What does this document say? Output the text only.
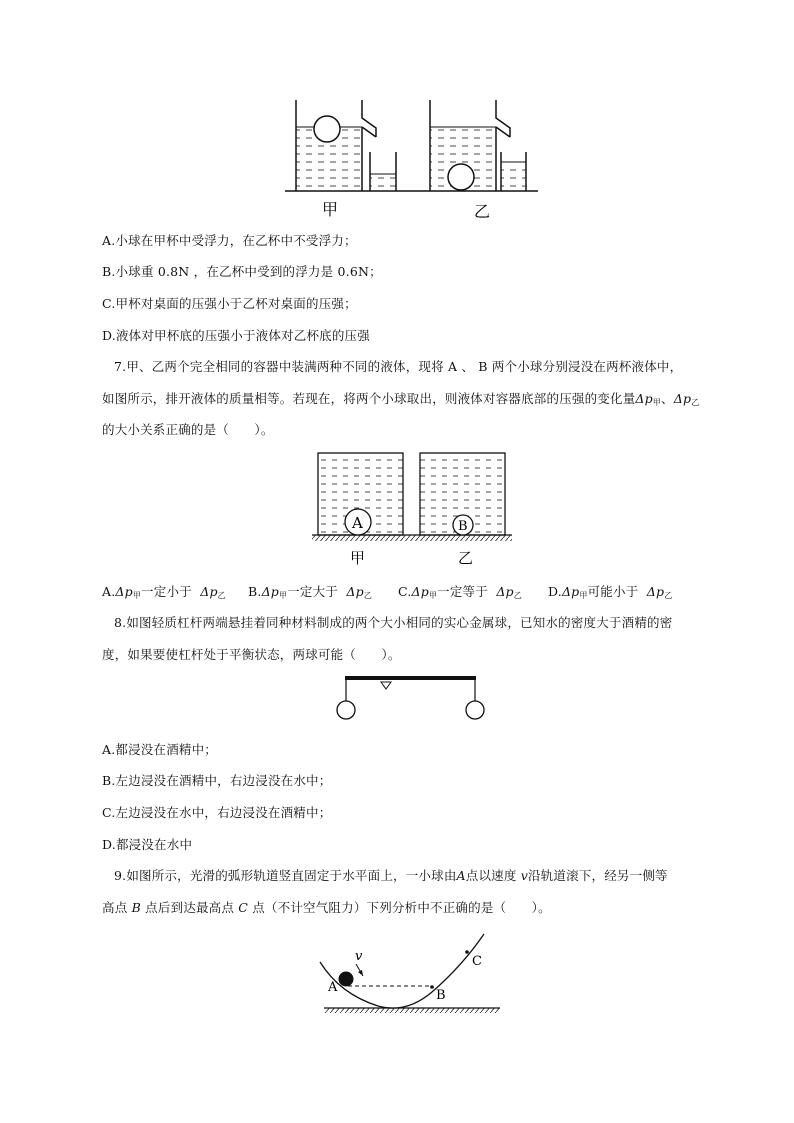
甲	乙
A.小球在甲杯中受浮力，在乙杯中不受浮力；
B.小球重 0.8N ，在乙杯中受到的浮力是 0.6N；
C.甲杯对桌面的压强小于乙杯对桌面的压强；
D.液体对甲杯底的压强小于液体对乙杯底的压强
7.甲、乙两个完全相同的容器中装满两种不同的液体，现将 A 、 B 两个小球分别浸没在两杯液体中，
如图所示，排开液体的质量相等。若现在，将两个小球取出，则液体对容器底部的压强的变化量$\Delta p_甲$、$\Delta p_乙$
的大小关系正确的是（　　）。
A	B
甲	乙
$A.\Delta p_甲$一定小于 $\Delta p_乙$ $B.\Delta p_甲$一定大于 $\Delta p_乙$ $C.\Delta p_甲$一定等于 $\Delta p_乙$ $D.\Delta p_甲$可能小于 $\Delta p_乙$
8.如图轻质杠杆两端悬挂着同种材料制成的两个大小相同的实心金属球，已知水的密度大于酒精的密
度，如果要使杠杆处于平衡状态，两球可能（　　）。
A.都浸没在酒精中；
B.左边浸没在酒精中，右边浸没在水中；
C.左边浸没在水中，右边浸没在酒精中；
D.都浸没在水中
9.如图所示，光滑的弧形轨道竖直固定于水平面上，一小球由A点以速度 v沿轨道滚下，经另一侧等
高点 B 点后到达最高点 C 点（不计空气阻力）下列分析中不正确的是（　　）。
v
A
B
C
